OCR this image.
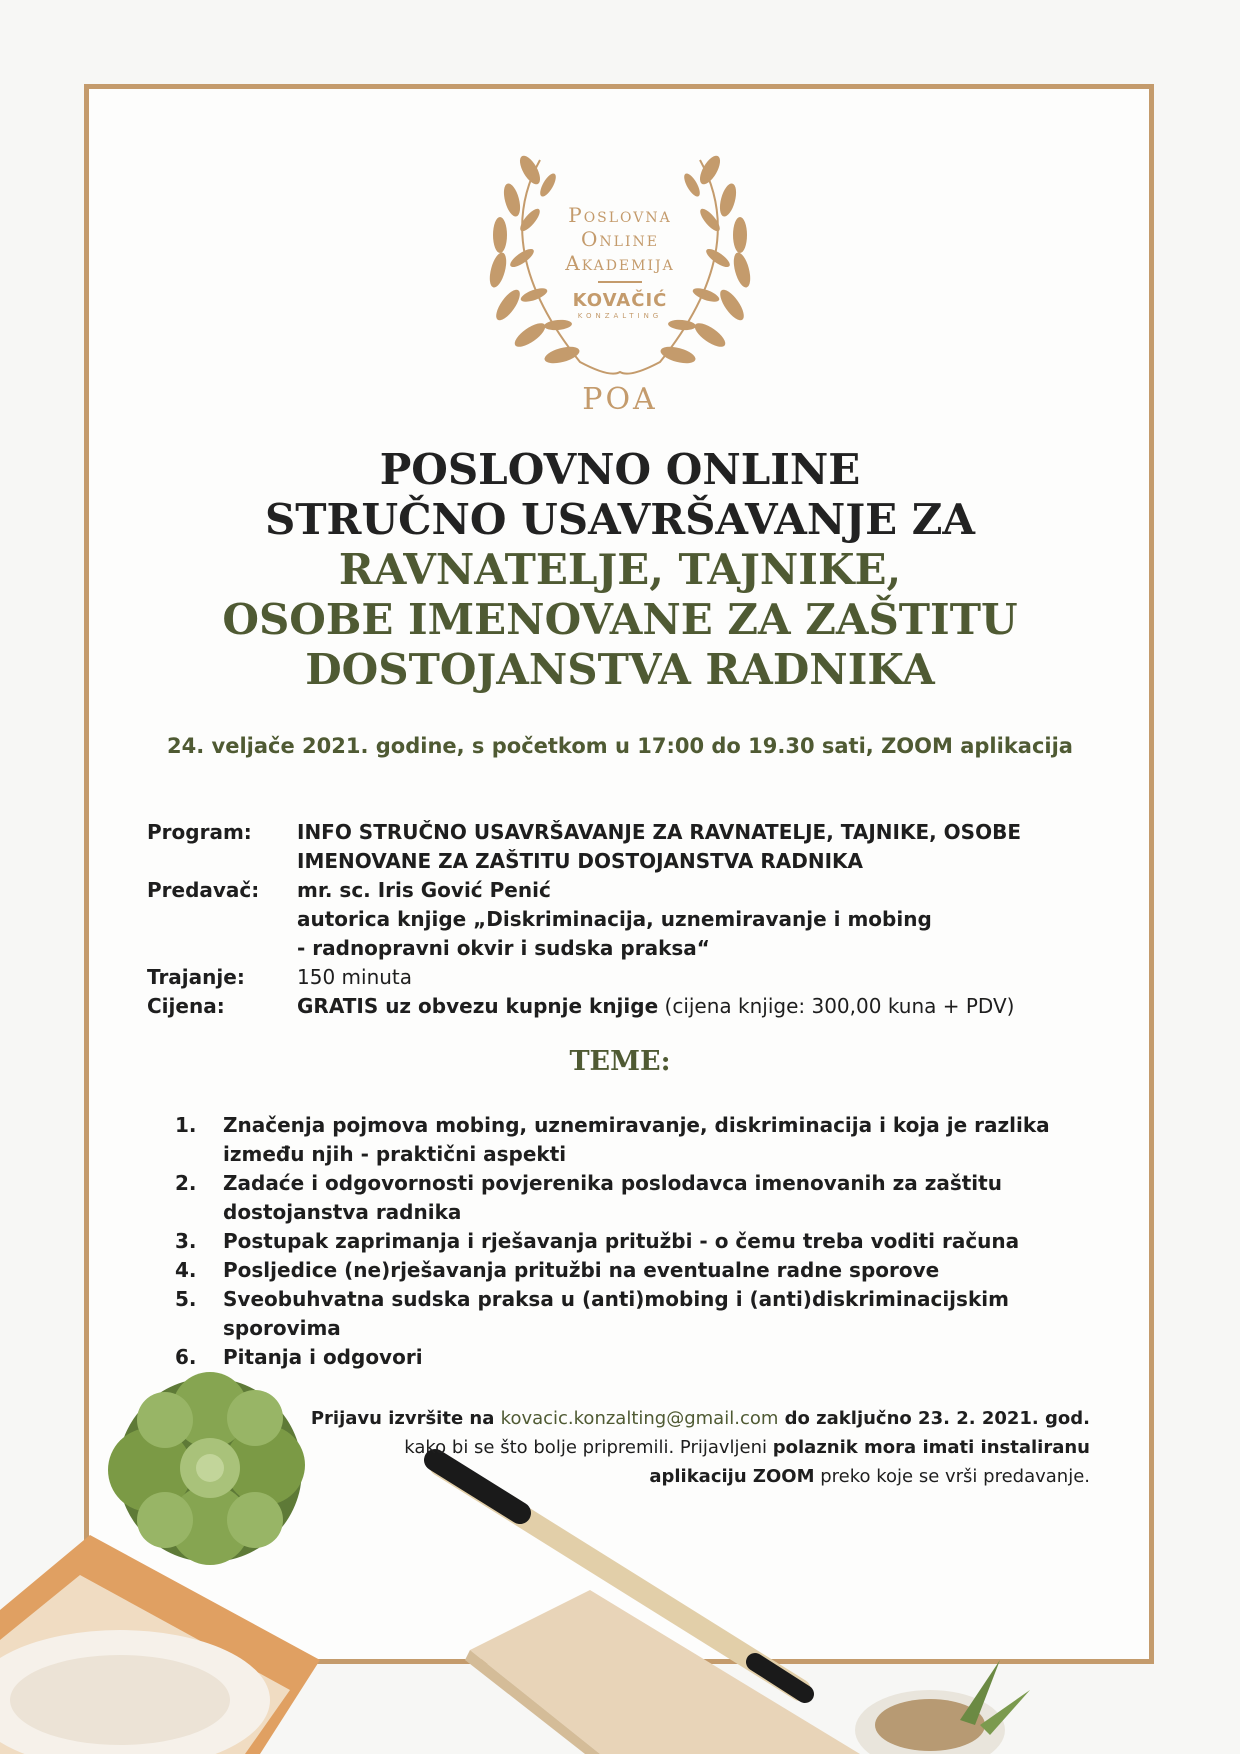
Poslovna
Online
Akademija
KOVAČIĆ
KONZALTING
POA
POSLOVNO ONLINE
STRUČNO USAVRŠAVANJE ZA
RAVNATELJE, TAJNIKE,
OSOBE IMENOVANE ZA ZAŠTITU
DOSTOJANSTVA RADNIKA
24. veljače 2021. godine, s početkom u 17:00 do 19.30 sati, ZOOM aplikacija
Program: INFO STRUČNO USAVRŠAVANJE ZA RAVNATELJE, TAJNIKE, OSOBE
IMENOVANE ZA ZAŠTITU DOSTOJANSTVA RADNIKA
Predavač: mr. sc. Iris Gović Penić
autorica knjige „Diskriminacija, uznemiravanje i mobing
- radnopravni okvir i sudska praksa“
Trajanje:	150 minuta
Cijena:	GRATIS uz obvezu kupnje knjige (cijena knjige: 300,00 kuna + PDV)
TEME:
1. Značenja pojmova mobing, uznemiravanje, diskriminacija i koja je razlika
između njih - praktični aspekti
2. Zadaće i odgovornosti povjerenika poslodavca imenovanih za zaštitu
dostojanstva radnika
3. Postupak zaprimanja i rješavanja pritužbi - o čemu treba voditi računa
4. Posljedice (ne)rješavanja pritužbi na eventualne radne sporove
5. Sveobuhvatna sudska praksa u (anti)mobing i (anti)diskriminacijskim sporovima
6. Pitanja i odgovori
Prijavu izvršite na kovacic.konzalting@gmail.com do zaključno 23. 2. 2021. god.
kako bi se što bolje pripremili. Prijavljeni polaznik mora imati instaliranu
aplikaciju ZOOM preko koje se vrši predavanje.
